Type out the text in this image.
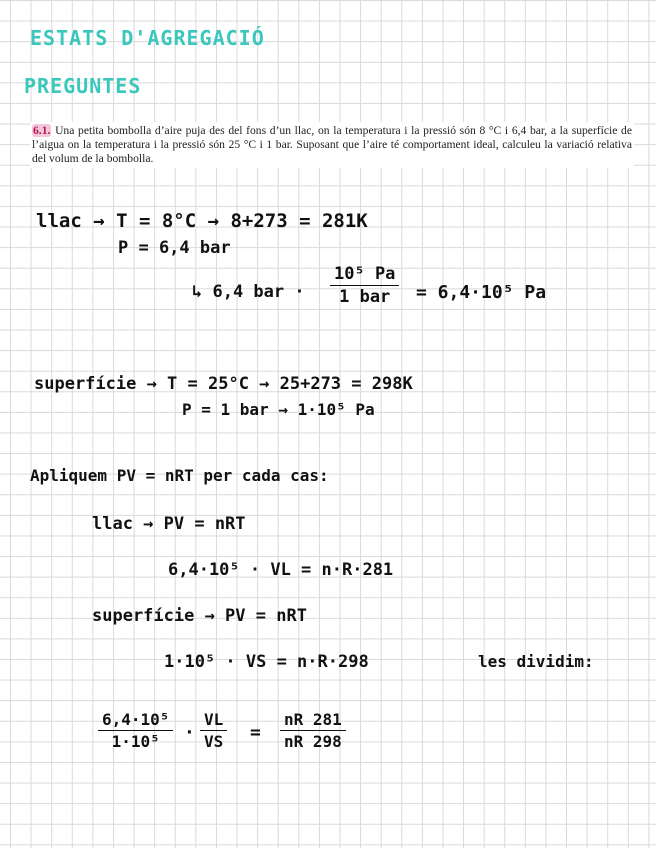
ESTATS D'AGREGACIÓ
PREGUNTES
6.1. Una petita bombolla d’aire puja des del fons d’un llac, on la temperatura i la pressió són 8 °C i 6,4 bar, a la superfície de l’aigua on la temperatura i la pressió són 25 °C i 1 bar. Suposant que l’aire té comportament ideal, calculeu la variació relativa del volum de la bombolla.
llac → T = 8°C → 8+273 = 281K
P = 6,4 bar
↳ 6,4 bar ·
10⁵ Pa
1 bar = 6,4·10⁵ Pa
superfície → T = 25°C → 25+273 = 298K
P = 1 bar → 1·10⁵ Pa
Apliquem PV = nRT per cada cas:
llac → PV = nRT
6,4·10⁵ · VL = n·R·281
superfície → PV = nRT
1·10⁵ · VS = n·R·298	les dividim:
$\frac{\text{6,4·10⁵}}{\text{1·10⁵}} \cdot \frac{VL}{VS} = \frac{nR 281}{nR 298}$
